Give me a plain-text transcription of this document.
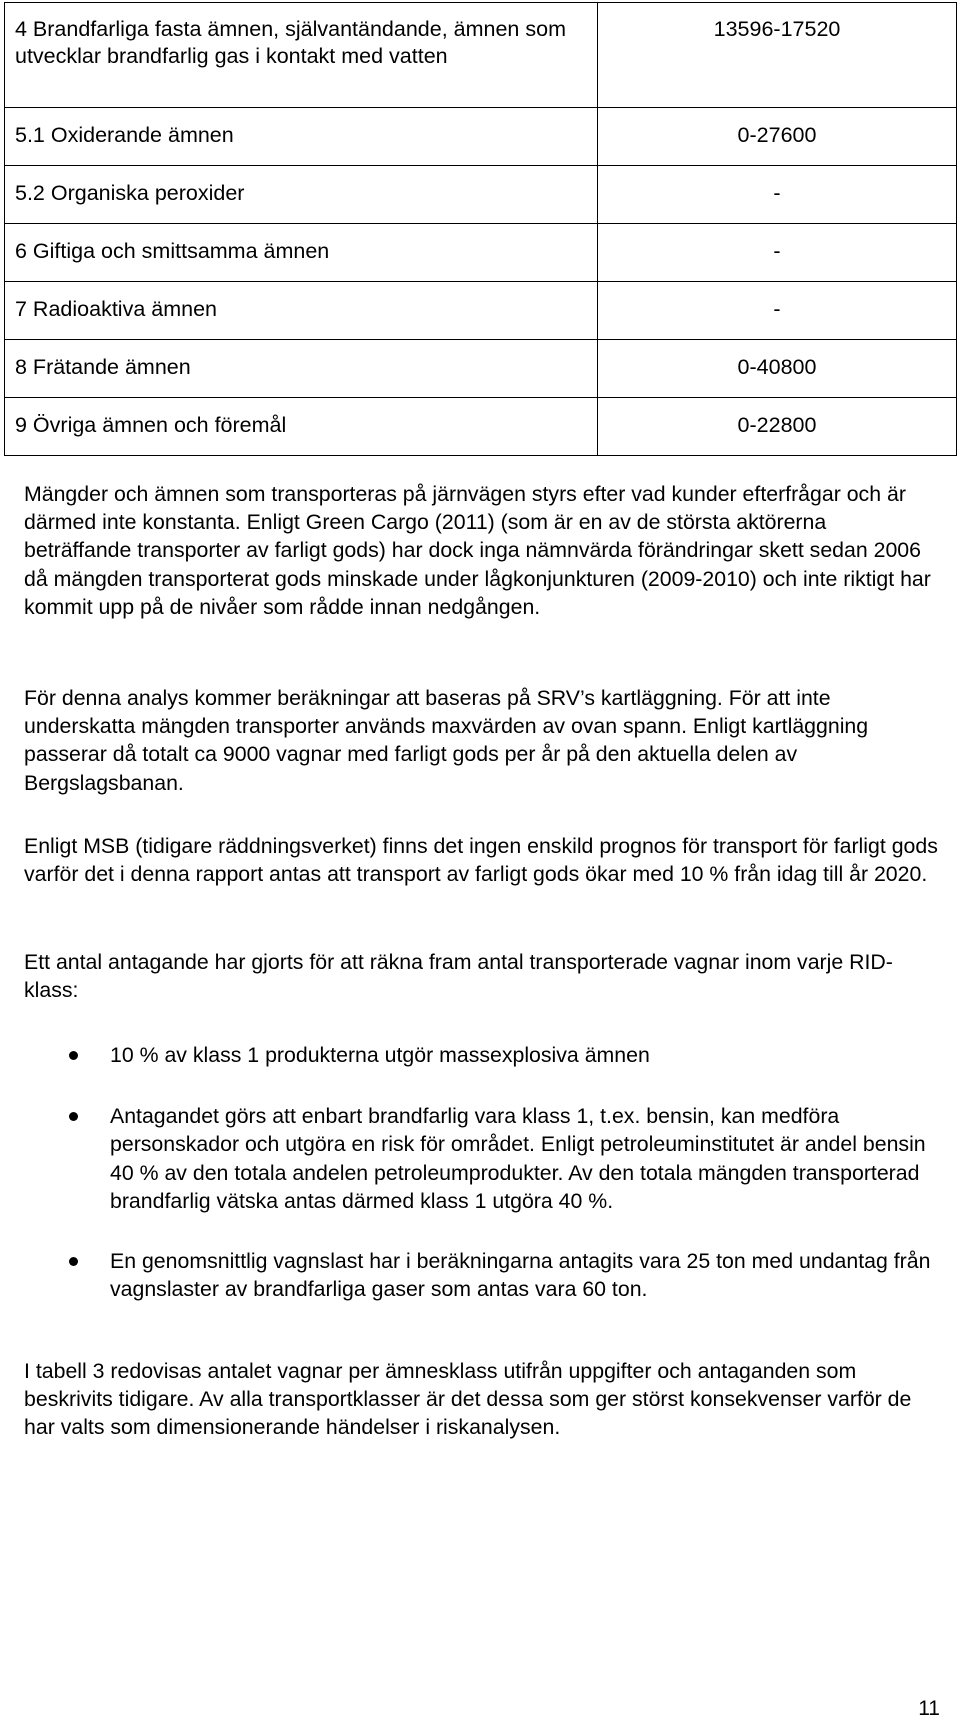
4 Brandfarliga fasta ämnen, självantändande, ämnen som utvecklar brandfarlig gas i kontakt med vatten	13596-17520
5.1 Oxiderande ämnen	0-27600
5.2 Organiska peroxider	-
6 Giftiga och smittsamma ämnen	-
7 Radioaktiva ämnen	-
8 Frätande ämnen	0-40800
9 Övriga ämnen och föremål	0-22800

Mängder och ämnen som transporteras på järnvägen styrs efter vad kunder efterfrågar och är därmed inte konstanta. Enligt Green Cargo (2011) (som är en av de största aktörerna beträffande transporter av farligt gods) har dock inga nämnvärda förändringar skett sedan 2006 då mängden transporterat gods minskade under lågkonjunkturen (2009-2010) och inte riktigt har kommit upp på de nivåer som rådde innan nedgången.

För denna analys kommer beräkningar att baseras på SRV’s kartläggning. För att inte underskatta mängden transporter används maxvärden av ovan spann. Enligt kartläggning passerar då totalt ca 9000 vagnar med farligt gods per år på den aktuella delen av Bergslagsbanan.

Enligt MSB (tidigare räddningsverket) finns det ingen enskild prognos för transport för farligt gods varför det i denna rapport antas att transport av farligt gods ökar med 10 % från idag till år 2020.

Ett antal antagande har gjorts för att räkna fram antal transporterade vagnar inom varje RID-klass:

10 % av klass 1 produkterna utgör massexplosiva ämnen
Antagandet görs att enbart brandfarlig vara klass 1, t.ex. bensin, kan medföra personskador och utgöra en risk för området. Enligt petroleuminstitutet är andel bensin 40 % av den totala andelen petroleumprodukter. Av den totala mängden transporterad brandfarlig vätska antas därmed klass 1 utgöra 40 %.
En genomsnittlig vagnslast har i beräkningarna antagits vara 25 ton med undantag från vagnslaster av brandfarliga gaser som antas vara 60 ton.

I tabell 3 redovisas antalet vagnar per ämnesklass utifrån uppgifter och antaganden som beskrivits tidigare. Av alla transportklasser är det dessa som ger störst konsekvenser varför de har valts som dimensionerande händelser i riskanalysen.

11
